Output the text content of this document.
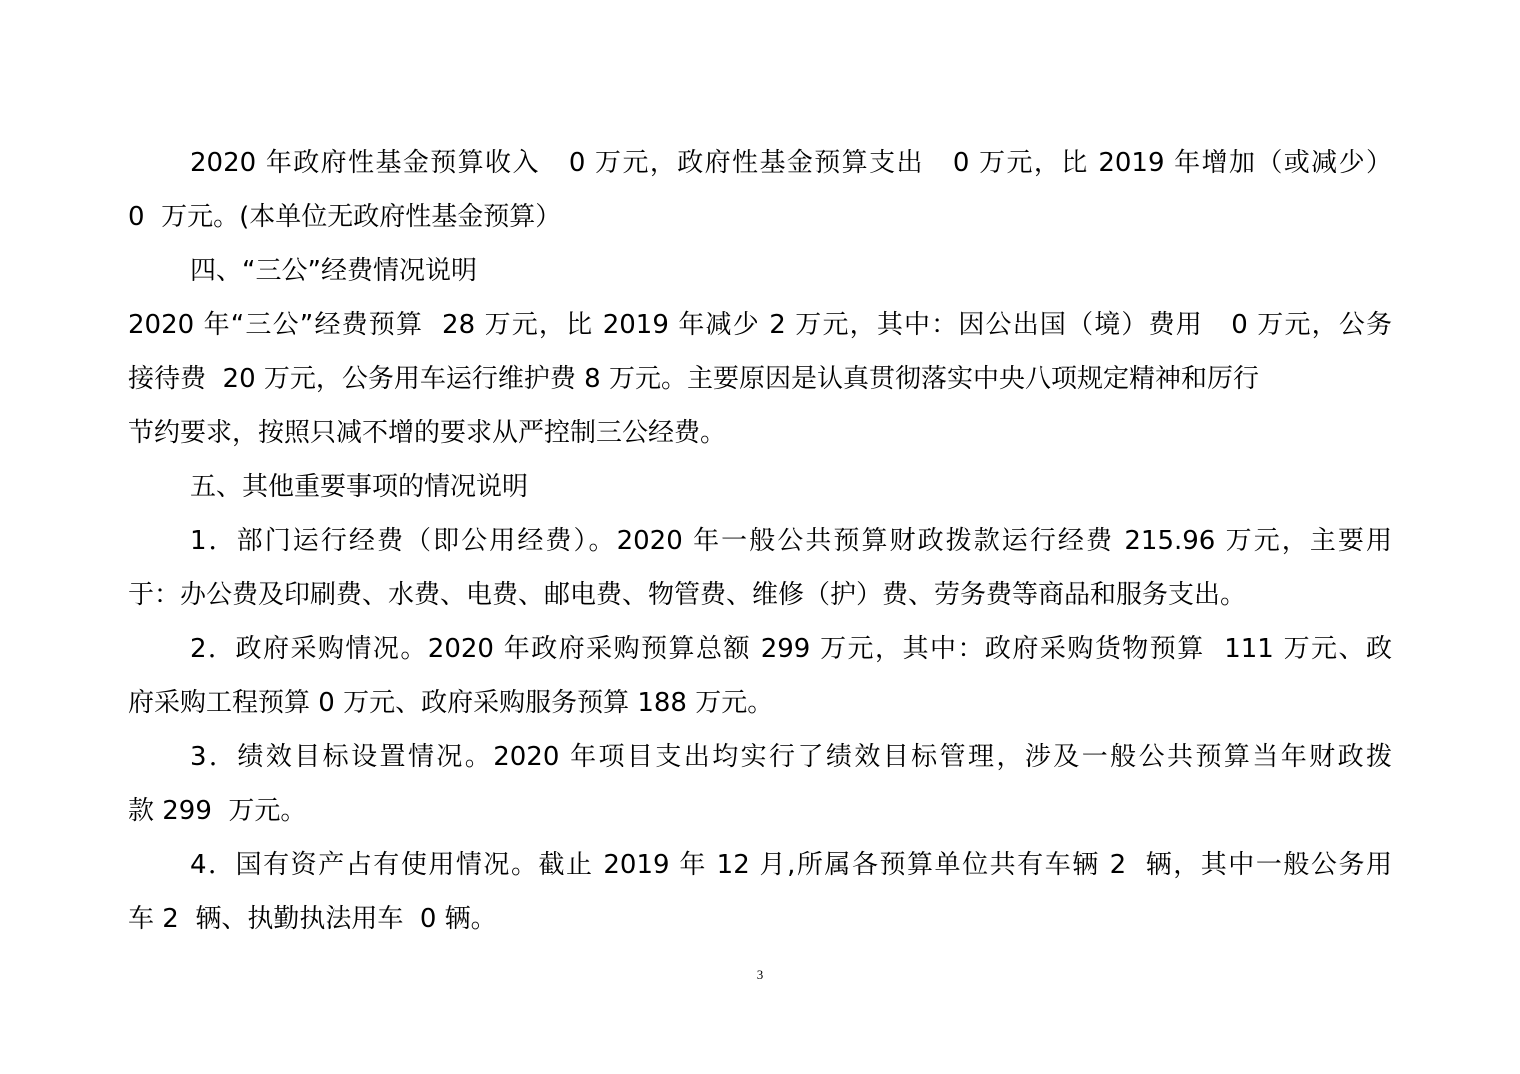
2020 年政府性基金预算收入   0 万元，政府性基金预算支出   0 万元，比 2019 年增加（或减少）
0  万元。(本单位无政府性基金预算）
四、“三公”经费情况说明
2020 年“三公”经费预算  28 万元，比 2019 年减少 2 万元，其中：因公出国（境）费用   0 万元，公务
接待费  20 万元，公务用车运行维护费 8 万元。主要原因是认真贯彻落实中央八项规定精神和厉行
节约要求，按照只减不增的要求从严控制三公经费。
五、其他重要事项的情况说明
1．部门运行经费（即公用经费）。2020 年一般公共预算财政拨款运行经费 215.96 万元，主要用
于：办公费及印刷费、水费、电费、邮电费、物管费、维修（护）费、劳务费等商品和服务支出。
2．政府采购情况。2020 年政府采购预算总额 299 万元，其中：政府采购货物预算  111 万元、政
府采购工程预算 0 万元、政府采购服务预算 188 万元。
3．绩效目标设置情况。2020 年项目支出均实行了绩效目标管理，涉及一般公共预算当年财政拨
款 299  万元。
4．国有资产占有使用情况。截止 2019 年 12 月,所属各预算单位共有车辆 2  辆，其中一般公务用
车 2  辆、执勤执法用车  0 辆。
3
